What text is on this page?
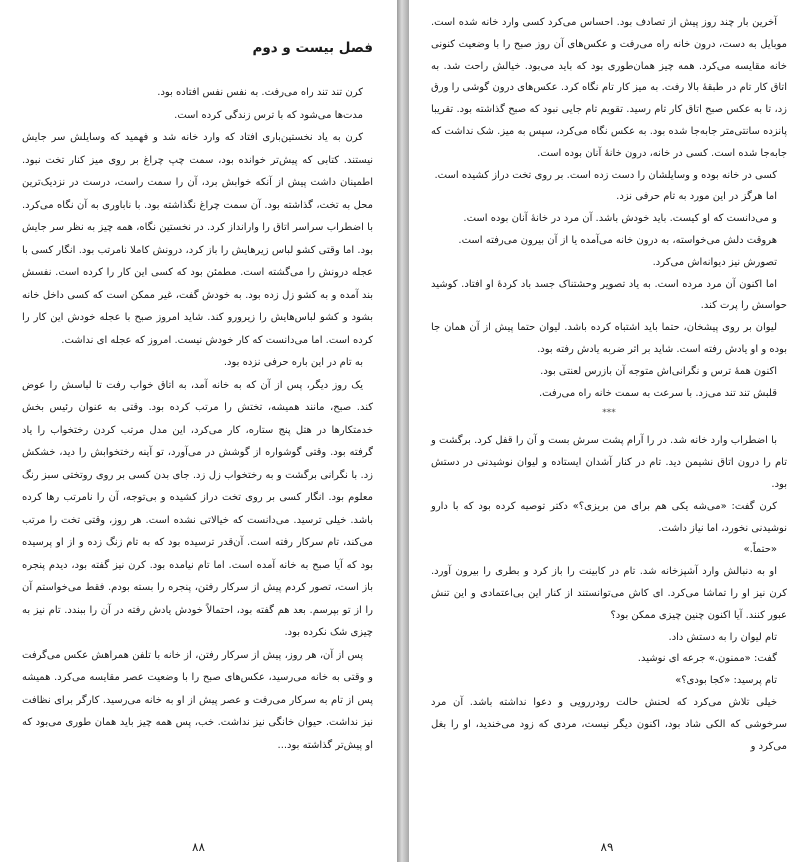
فصل بیست و دوم

کرن تند تند راه می‌رفت. به نفس نفس افتاده بود.

مدت‌ها می‌شود که با ترس زندگی کرده است.

کرن به یاد نخستین‌باری افتاد که وارد خانه شد و فهمید که وسایلش سر جایش نیستند. کتابی که پیش‌تر خوانده بود، سمت چپ چراغ بر روی میز کنار تخت نبود. اطمینان داشت پیش از آنکه خوابش برد، آن را سمت راست، درست در نزدیک‌ترین محل به تخت، گذاشته بود. آن سمت چراغ نگذاشته بود. با ناباوری به آن نگاه می‌کرد. با اضطراب سراسر اتاق را وارانداز کرد. در نخستین نگاه، همه چیز به نظر سر جایش بود. اما وقتی کشو لباس زیرهایش را باز کرد، درونش کاملا نامرتب بود. انگار کسی با عجله درونش را می‌گشته است. مطمئن بود که کسی این کار را کرده است. نفسش بند آمده و به کشو زل زده بود. به خودش گفت، غیر ممکن است که کسی داخل خانه بشود و کشو لباس‌هایش را زیرورو کند. شاید امروز صبح با عجله خودش این کار را کرده است. اما می‌دانست که کار خودش نیست. امروز که عجله ای نداشت.

به تام در این باره حرفی نزده بود.

یک روز دیگر، پس از آن که به خانه آمد، به اتاق خواب رفت تا لباسش را عوض کند. صبح، مانند همیشه، تختش را مرتب کرده بود. وقتی به عنوان رئیس بخش خدمتکارها در هتل پنج ستاره، کار می‌کرد، این مدل مرتب کردن رختخواب را یاد گرفته بود. وقتی گوشواره از گوشش در می‌آورد، تو آینه رختخوابش را دید، خشکش زد. با نگرانی برگشت و به رختخواب زل زد. جای بدن کسی بر روی روتختی سبز رنگ معلوم بود. انگار کسی بر روی تخت دراز کشیده و بی‌توجه، آن را نامرتب رها کرده باشد. خیلی ترسید. می‌دانست که خیالاتی نشده است. هر روز، وقتی تخت را مرتب می‌کند، تام سرکار رفته است. آن‌قدر ترسیده بود که به تام زنگ زده و از او پرسیده بود که آیا صبح به خانه آمده است. اما تام نیامده بود. کرن نیز گفته بود، دیدم پنجره باز است، تصور کردم پیش از سرکار رفتن، پنجره را بسته بودم. فقط می‌خواستم آن را از تو بپرسم. بعد هم گفته بود، احتمالاً خودش یادش رفته در آن را ببندد. تام نیز به چیزی شک نکرده بود.

پس از آن، هر روز، پیش از سرکار رفتن، از خانه با تلفن همراهش عکس می‌گرفت و وقتی به خانه می‌رسید، عکس‌های صبح را با وضعیت عصر مقایسه می‌کرد. همیشه پس از تام به سرکار می‌رفت و عصر پیش از او به خانه می‌رسید. کارگر برای نظافت نیز نداشت. حیوان خانگی نیز نداشت. خب، پس همه چیز باید همان طوری می‌بود که او پیش‌تر گذاشته بود...

۸۸

آخرین بار چند روز پیش از تصادف بود. احساس می‌کرد کسی وارد خانه شده است. موبایل به دست، درون خانه راه می‌رفت و عکس‌های آن روز صبح را با وضعیت کنونی خانه مقایسه می‌کرد. همه چیز همان‌طوری بود که باید می‌بود. خیالش راحت شد. به اتاق کار تام در طبقهٔ بالا رفت. به میز کار تام نگاه کرد. عکس‌های درون گوشی را ورق زد، تا به عکس صبح اتاق کار تام رسید. تقویم تام جایی نبود که صبح گذاشته بود. تقریبا پانزده سانتی‌متر جابه‌جا شده بود. به عکس نگاه می‌کرد، سپس به میز. شک نداشت که جابه‌جا شده است. کسی در خانه، درون خانهٔ آنان بوده است.

کسی در خانه بوده و وسایلشان را دست زده است. بر روی تخت دراز کشیده است.

اما هرگز در این مورد به تام حرفی نزد.

و می‌دانست که او کیست. باید خودش باشد. آن مرد در خانهٔ آنان بوده است.

هروقت دلش می‌خواسته، به درون خانه می‌آمده یا از آن بیرون می‌رفته است.

تصورش نیز دیوانه‌اش می‌کرد.

اما اکنون آن مرد مرده است. به یاد تصویر وحشتناک جسد باد کردهٔ او افتاد. کوشید حواسش را پرت کند.

لیوان بر روی پیشخان، حتما باید اشتباه کرده باشد. لیوان حتما پیش از آن همان جا بوده و او یادش رفته است. شاید بر اثر ضربه یادش رفته بود.

اکنون همهٔ ترس و نگرانی‌اش متوجه آن بازرس لعنتی بود.

قلبش تند تند می‌زد. با سرعت به سمت خانه راه می‌رفت.

***

با اضطراب وارد خانه شد. در را آرام پشت سرش بست و آن را قفل کرد. برگشت و تام را درون اتاق نشیمن دید. تام در کنار آشدان ایستاده و لیوان نوشیدنی در دستش بود.

کرن گفت: «می‌شه یکی هم برای من بریزی؟» دکتر توصیه کرده بود که با دارو نوشیدنی نخورد، اما نیاز داشت.

«حتماً.»

او به دنبالش وارد آشپزخانه شد. تام در کابینت را باز کرد و بطری را بیرون آورد. کرن نیز او را تماشا می‌کرد. ای کاش می‌توانستند از کنار این بی‌اعتمادی و این تنش عبور کنند. آیا اکنون چنین چیزی ممکن بود؟

تام لیوان را به دستش داد.

گفت: «ممنون.» جرعه ای نوشید.

تام پرسید: «کجا بودی؟»

خیلی تلاش می‌کرد که لحنش حالت رودررویی و دعوا نداشته باشد. آن مرد سرخوشی که الکی شاد بود، اکنون دیگر نیست، مردی که زود می‌خندید، او را بغل می‌کرد و

۸۹
